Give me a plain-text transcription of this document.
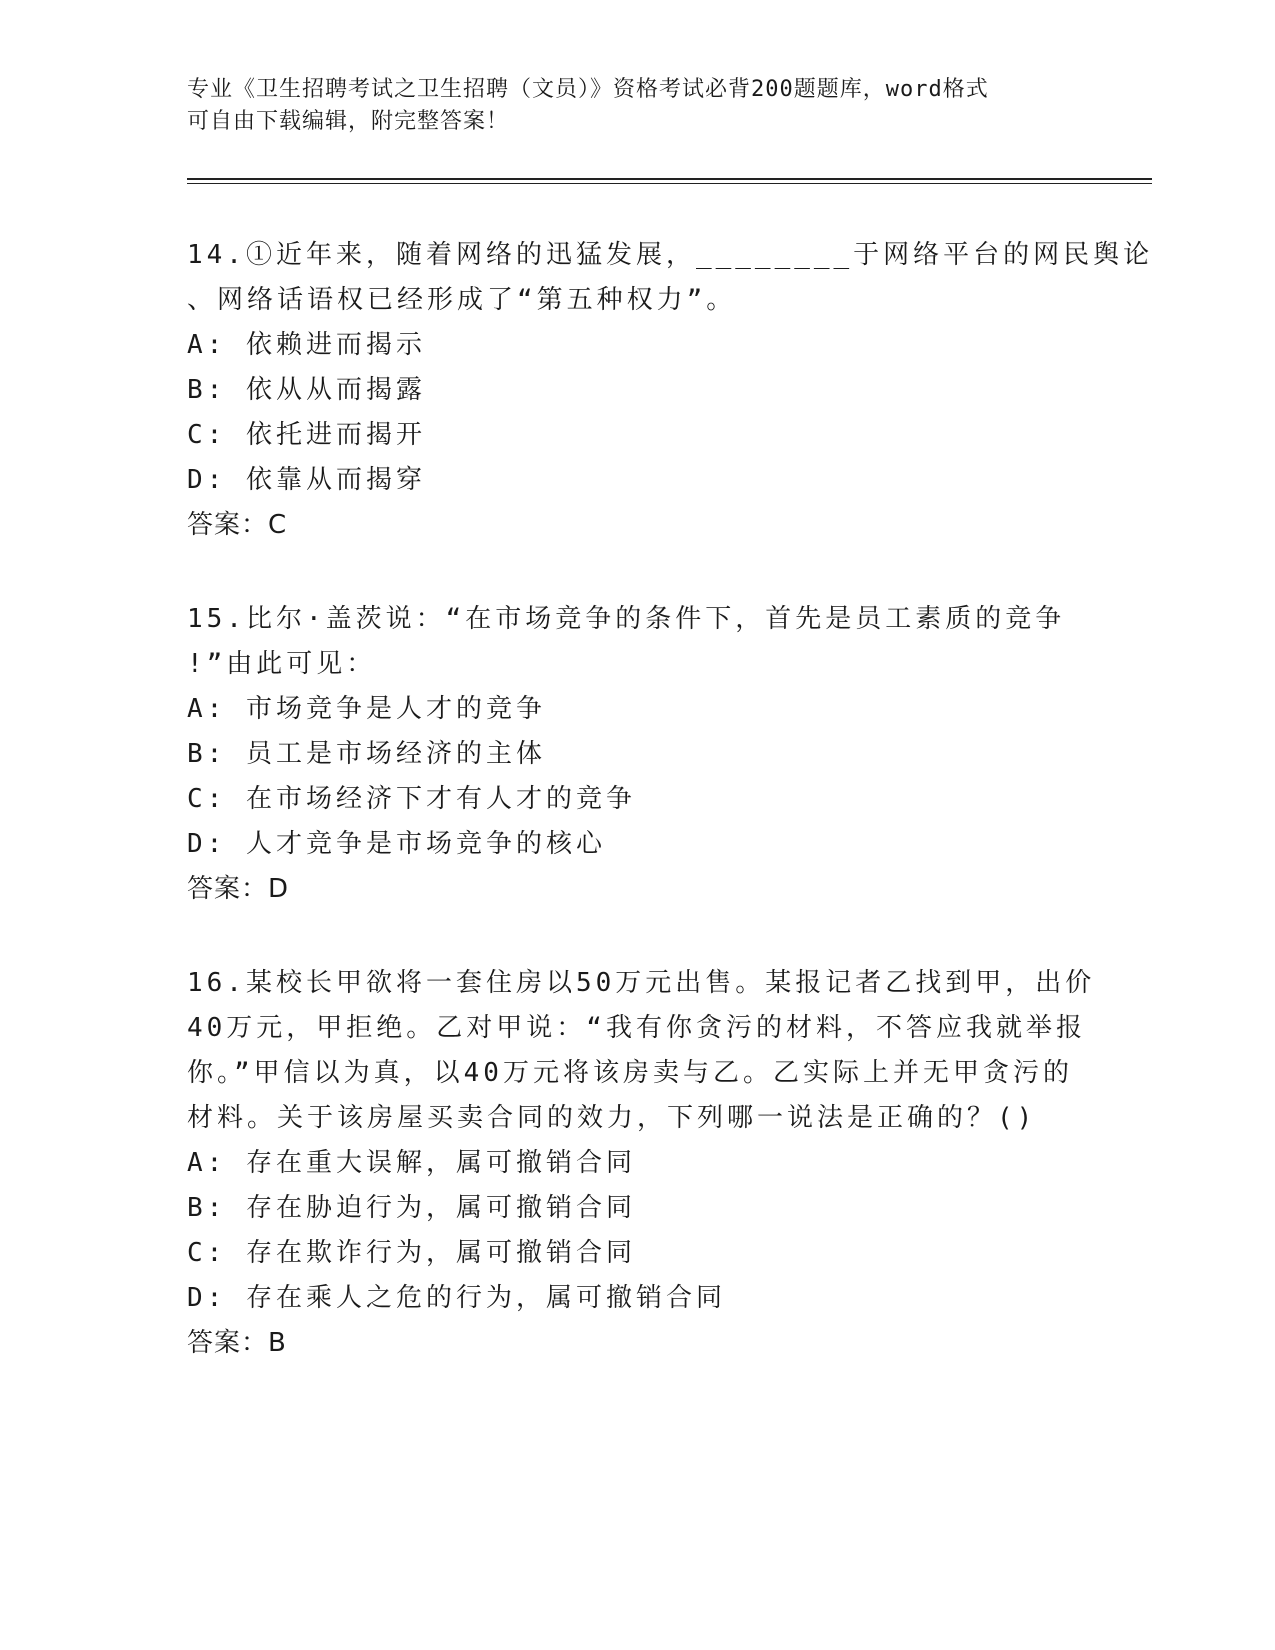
专业《卫生招聘考试之卫生招聘（文员）》资格考试必背200题题库，word格式
可自由下载编辑，附完整答案！
14.①近年来，随着网络的迅猛发展，________于网络平台的网民舆论
、网络话语权已经形成了“第五种权力”。
A: 依赖进而揭示
B: 依从从而揭露
C: 依托进而揭开
D: 依靠从而揭穿
答案：C
15.比尔·盖茨说：“在市场竞争的条件下，首先是员工素质的竞争
!”由此可见：
A: 市场竞争是人才的竞争
B: 员工是市场经济的主体
C: 在市场经济下才有人才的竞争
D: 人才竞争是市场竞争的核心
答案：D
16.某校长甲欲将一套住房以50万元出售。某报记者乙找到甲，出价
40万元，甲拒绝。乙对甲说：“我有你贪污的材料，不答应我就举报
你。”甲信以为真，以40万元将该房卖与乙。乙实际上并无甲贪污的
材料。关于该房屋买卖合同的效力，下列哪一说法是正确的？()
A: 存在重大误解，属可撤销合同
B: 存在胁迫行为，属可撤销合同
C: 存在欺诈行为，属可撤销合同
D: 存在乘人之危的行为，属可撤销合同
答案：B
